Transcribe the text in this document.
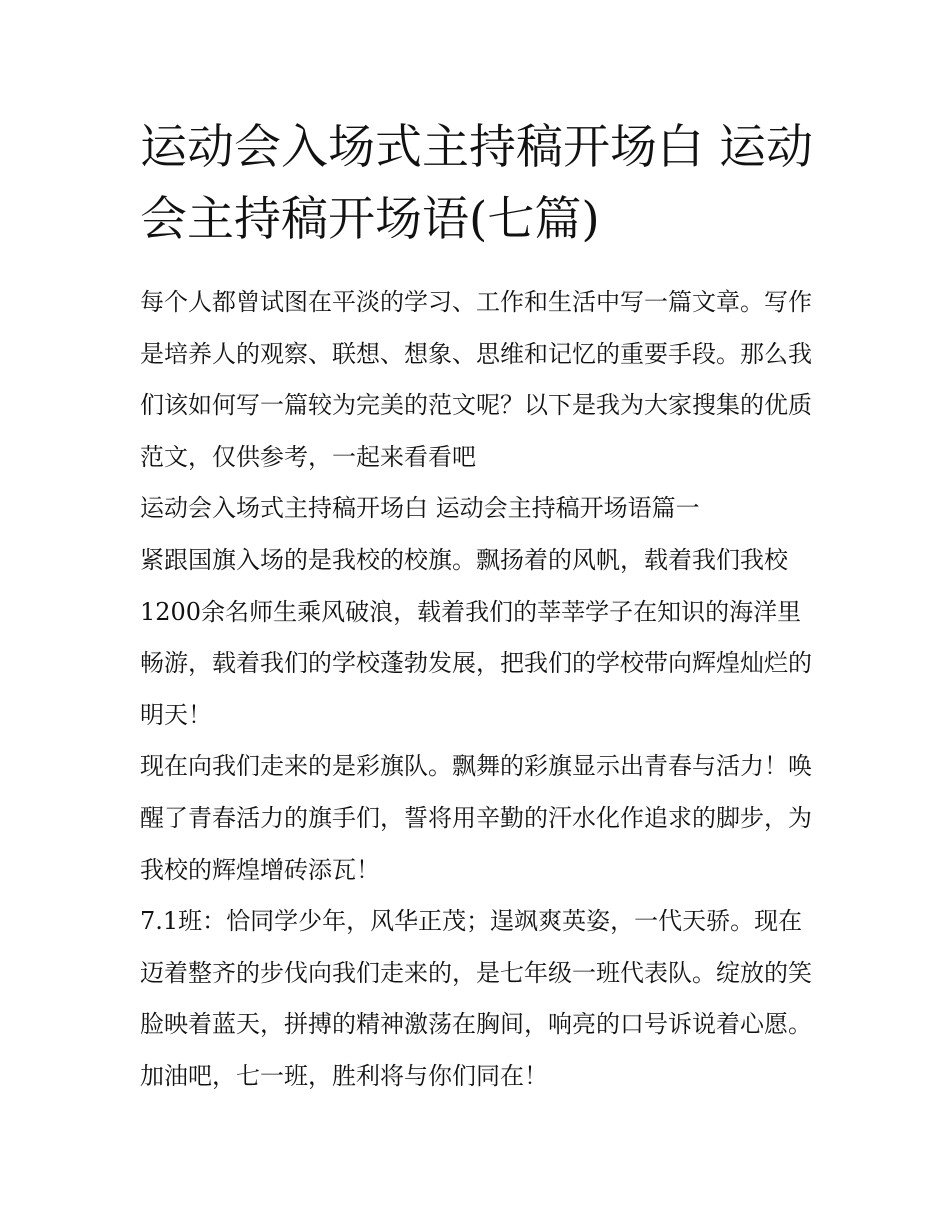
运动会入场式主持稿开场白 运动会主持稿开场语(七篇)

每个人都曾试图在平淡的学习、工作和生活中写一篇文章。写作是培养人的观察、联想、想象、思维和记忆的重要手段。那么我们该如何写一篇较为完美的范文呢？以下是我为大家搜集的优质范文，仅供参考，一起来看看吧

运动会入场式主持稿开场白 运动会主持稿开场语篇一

紧跟国旗入场的是我校的校旗。飘扬着的风帆，载着我们我校1200余名师生乘风破浪，载着我们的莘莘学子在知识的海洋里畅游，载着我们的学校蓬勃发展，把我们的学校带向辉煌灿烂的明天！

现在向我们走来的是彩旗队。飘舞的彩旗显示出青春与活力！唤醒了青春活力的旗手们，誓将用辛勤的汗水化作追求的脚步，为我校的辉煌增砖添瓦！

7.1班：恰同学少年，风华正茂；逞飒爽英姿，一代天骄。现在迈着整齐的步伐向我们走来的，是七年级一班代表队。绽放的笑脸映着蓝天，拼搏的精神激荡在胸间，响亮的口号诉说着心愿。加油吧，七一班，胜利将与你们同在！
